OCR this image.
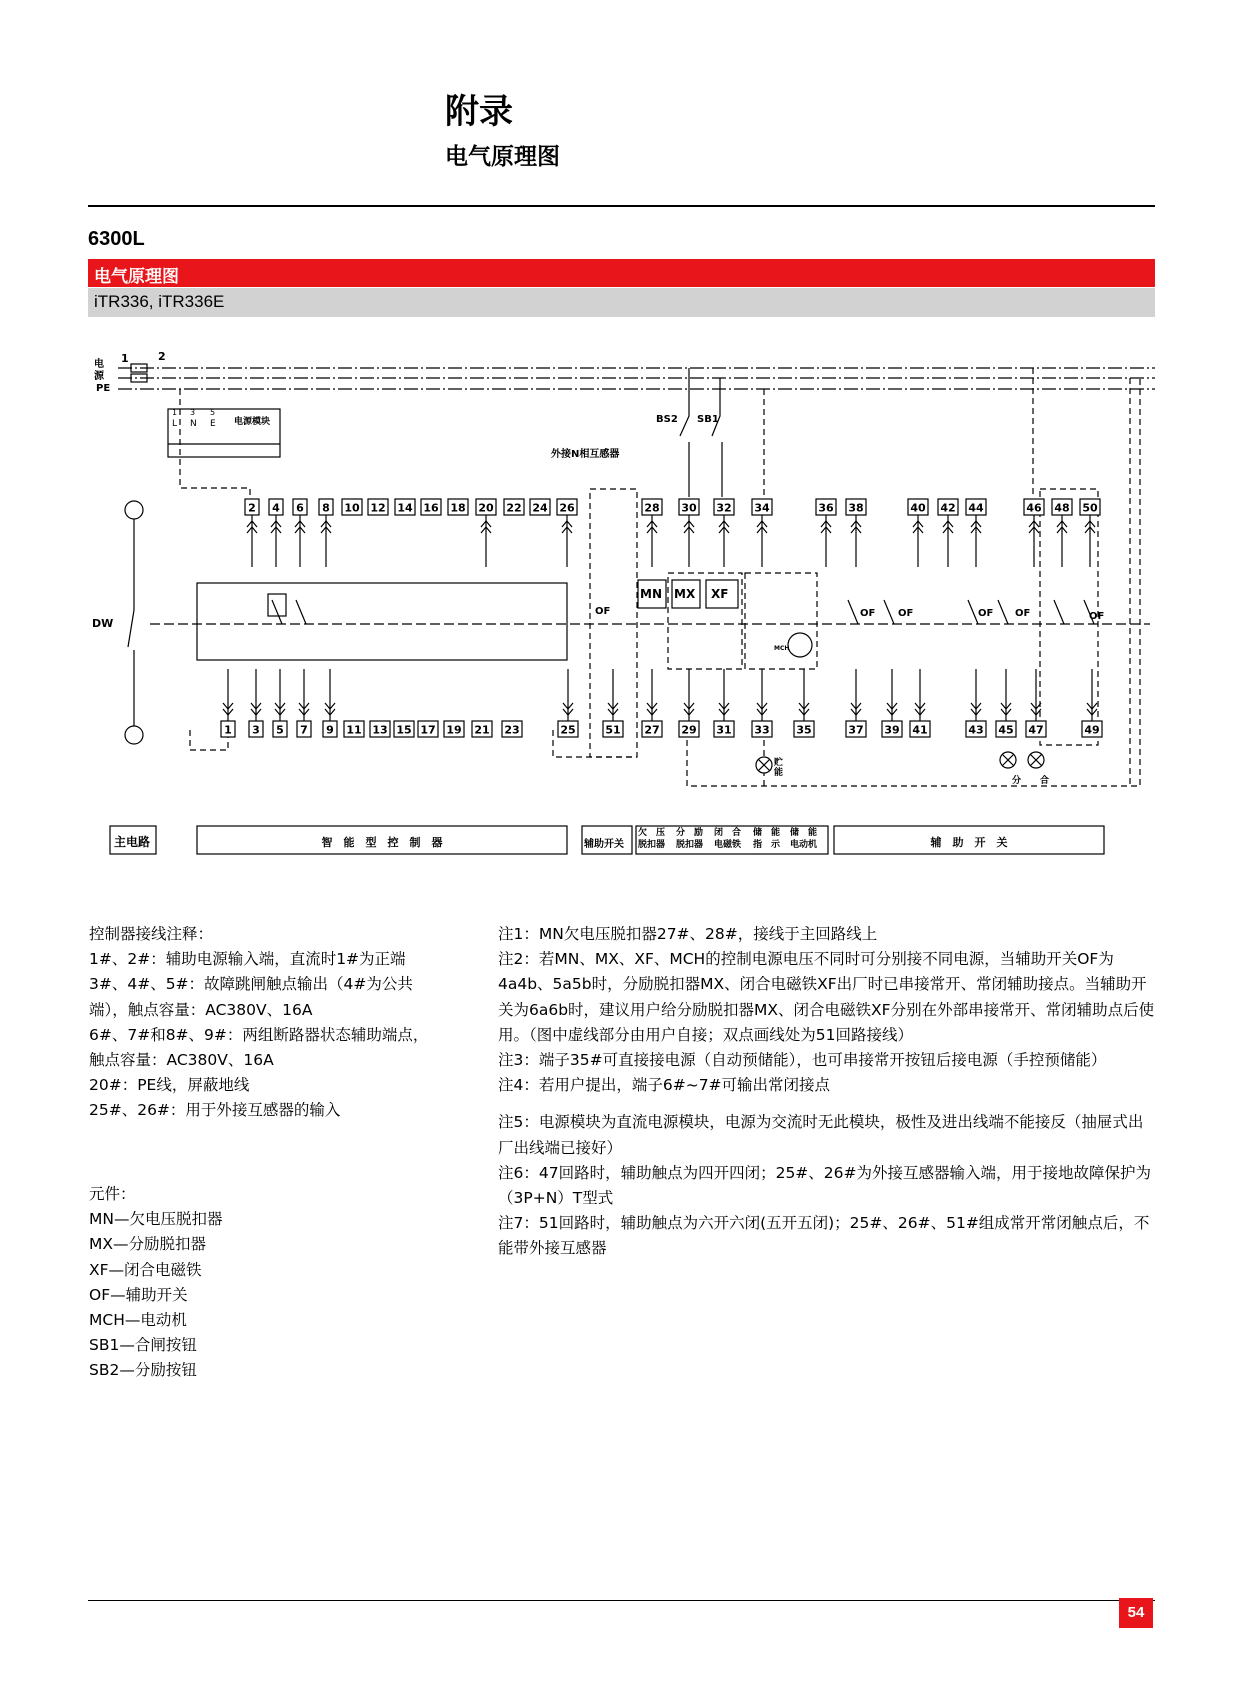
附录
电气原理图
6300L
电气原理图
iTR336, iTR336E
2 4 6 8 10 12 14 16 18 20 22 24 26	28 30 32 34	36 38	40 42 44	46 48 50
1 3 5 7 9 11 13 15 17 19 21 23	25	51 27 29 31 33 35	37 39 41	43 45 47	49
电
源
PE
1	2
电源模块
L N E
1 3 5
外接N相互感器
BS2 SB1
DW
MCH
OF	OF OF	OF OF	OF
贮能
分 合
MN MX XF
主电路	智　能　型　控　制　器	辅助开关
欠　压
脱扣器
分　励
脱扣器
闭　合
电磁铁
储　能
指　示
储　能
电动机	辅　助　开　关
控制器接线注释：
1#、2#：辅助电源输入端，直流时1#为正端
3#、4#、5#：故障跳闸触点输出（4#为公共
端），触点容量：AC380V、16A
6#、7#和8#、9#：两组断路器状态辅助端点，
触点容量：AC380V、16A
20#：PE线，屏蔽地线
25#、26#：用于外接互感器的输入
注1：MN欠电压脱扣器27#、28#，接线于主回路线上
注2：若MN、MX、XF、MCH的控制电源电压不同时可分别接不同电源，当辅助开关OF为4a4b、5a5b时，分励脱扣器MX、闭合电磁铁XF出厂时已串接常开、常闭辅助接点。当辅助开关为6a6b时，建议用户给分励脱扣器MX、闭合电磁铁XF分别在外部串接常开、常闭辅助点后使用。（图中虚线部分由用户自接；双点画线处为51回路接线）
注3：端子35#可直接接电源（自动预储能），也可串接常开按钮后接电源（手控预储能）
注4：若用户提出，端子6#~7#可输出常闭接点
注5：电源模块为直流电源模块，电源为交流时无此模块，极性及进出线端不能接反（抽屉式出厂出线端已接好）
注6：47回路时，辅助触点为四开四闭；25#、26#为外接互感器输入端，用于接地故障保护为（3P+N）T型式
注7：51回路时，辅助触点为六开六闭(五开五闭)；25#、26#、51#组成常开常闭触点后，不能带外接互感器
元件：
MN—欠电压脱扣器
MX—分励脱扣器
XF—闭合电磁铁
OF—辅助开关
MCH—电动机
SB1—合闸按钮
SB2—分励按钮
54
